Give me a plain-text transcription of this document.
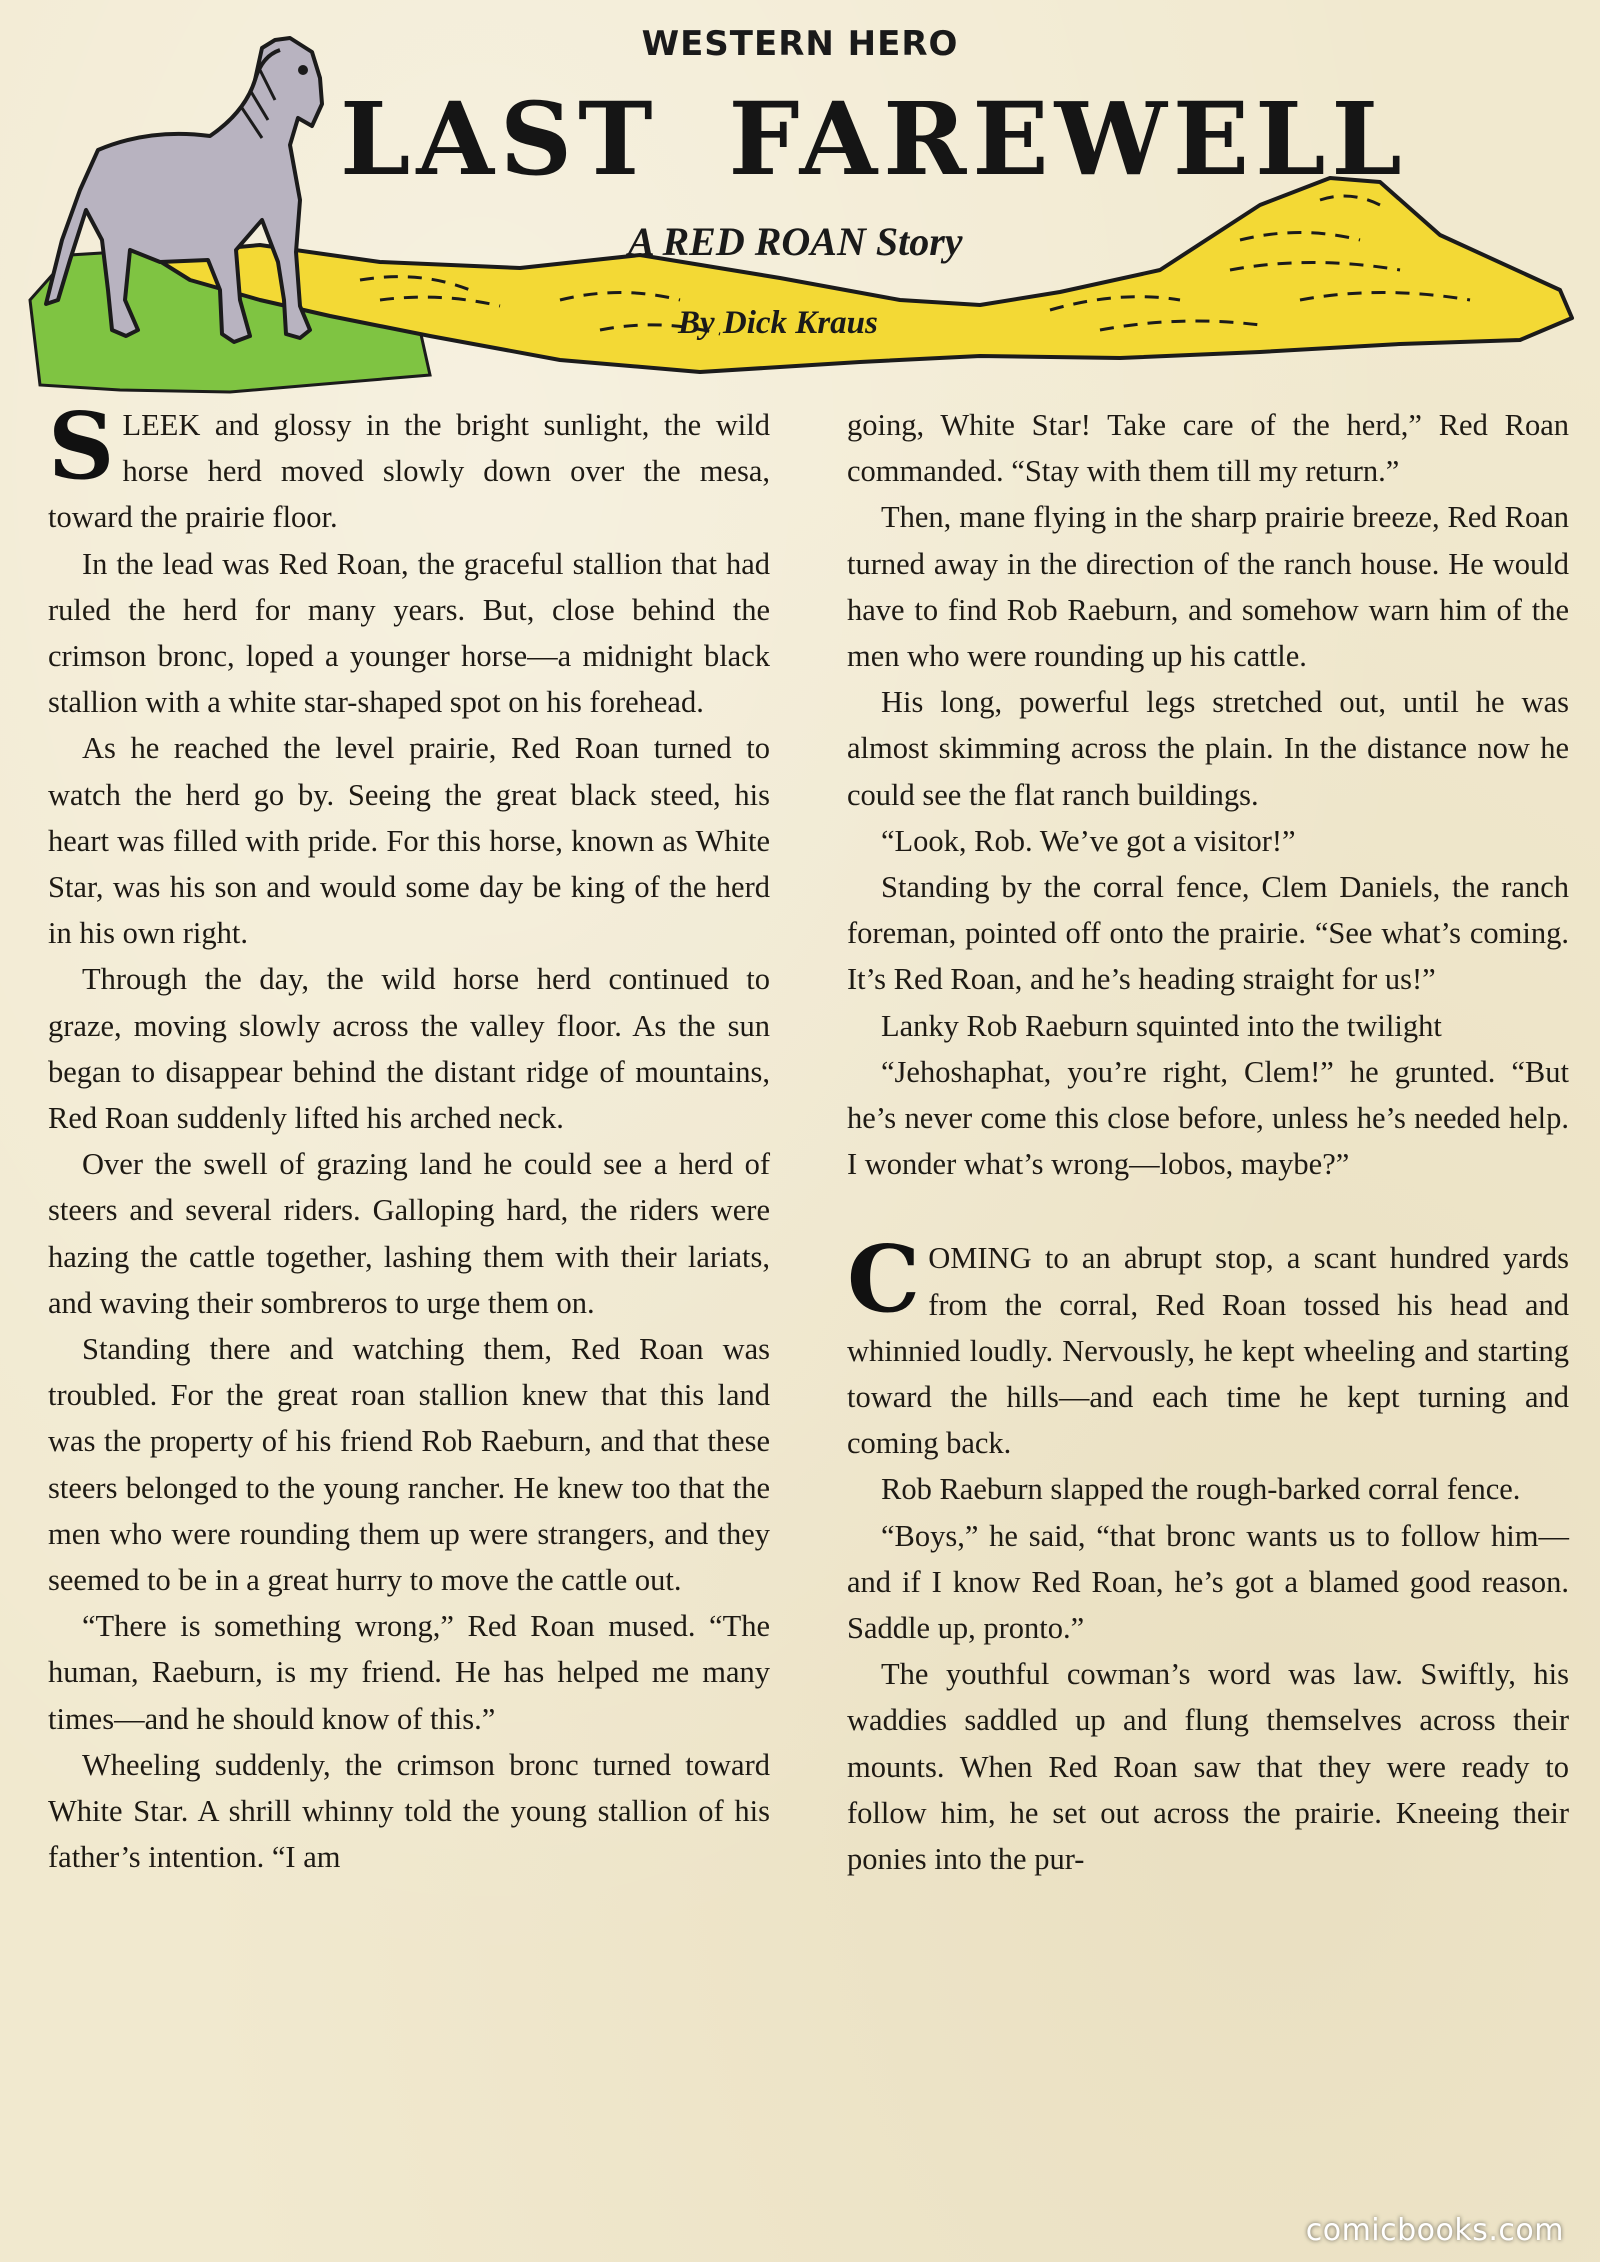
WESTERN HERO
LAST FAREWELL
A RED ROAN Story
By Dick Kraus

SLEEK and glossy in the bright sunlight, the wild horse herd moved slowly down over the mesa, toward the prairie floor.

In the lead was Red Roan, the graceful stallion that had ruled the herd for many years. But, close behind the crimson bronc, loped a younger horse—a midnight black stallion with a white star-shaped spot on his forehead.

As he reached the level prairie, Red Roan turned to watch the herd go by. Seeing the great black steed, his heart was filled with pride. For this horse, known as White Star, was his son and would some day be king of the herd in his own right.

Through the day, the wild horse herd continued to graze, moving slowly across the valley floor. As the sun began to disappear behind the distant ridge of mountains, Red Roan suddenly lifted his arched neck.

Over the swell of grazing land he could see a herd of steers and several riders. Galloping hard, the riders were hazing the cattle together, lashing them with their lariats, and waving their sombreros to urge them on.

Standing there and watching them, Red Roan was troubled. For the great roan stallion knew that this land was the property of his friend Rob Raeburn, and that these steers belonged to the young rancher. He knew too that the men who were rounding them up were strangers, and they seemed to be in a great hurry to move the cattle out.

“There is something wrong,” Red Roan mused. “The human, Raeburn, is my friend. He has helped me many times—and he should know of this.”

Wheeling suddenly, the crimson bronc turned toward White Star. A shrill whinny told the young stallion of his father’s intention. “I am

going, White Star! Take care of the herd,” Red Roan commanded. “Stay with them till my return.”

Then, mane flying in the sharp prairie breeze, Red Roan turned away in the direction of the ranch house. He would have to find Rob Raeburn, and somehow warn him of the men who were rounding up his cattle.

His long, powerful legs stretched out, until he was almost skimming across the plain. In the distance now he could see the flat ranch buildings.

“Look, Rob. We’ve got a visitor!”

Standing by the corral fence, Clem Daniels, the ranch foreman, pointed off onto the prairie. “See what’s coming. It’s Red Roan, and he’s heading straight for us!”

Lanky Rob Raeburn squinted into the twilight

“Jehoshaphat, you’re right, Clem!” he grunted. “But he’s never come this close before, unless he’s needed help. I wonder what’s wrong—lobos, maybe?”

COMING to an abrupt stop, a scant hundred yards from the corral, Red Roan tossed his head and whinnied loudly. Nervously, he kept wheeling and starting toward the hills—and each time he kept turning and coming back.

Rob Raeburn slapped the rough-barked corral fence.

“Boys,” he said, “that bronc wants us to follow him—and if I know Red Roan, he’s got a blamed good reason. Saddle up, pronto.”

The youthful cowman’s word was law. Swiftly, his waddies saddled up and flung themselves across their mounts. When Red Roan saw that they were ready to follow him, he set out across the prairie. Kneeing their ponies into the pur-

comicbooks.com
